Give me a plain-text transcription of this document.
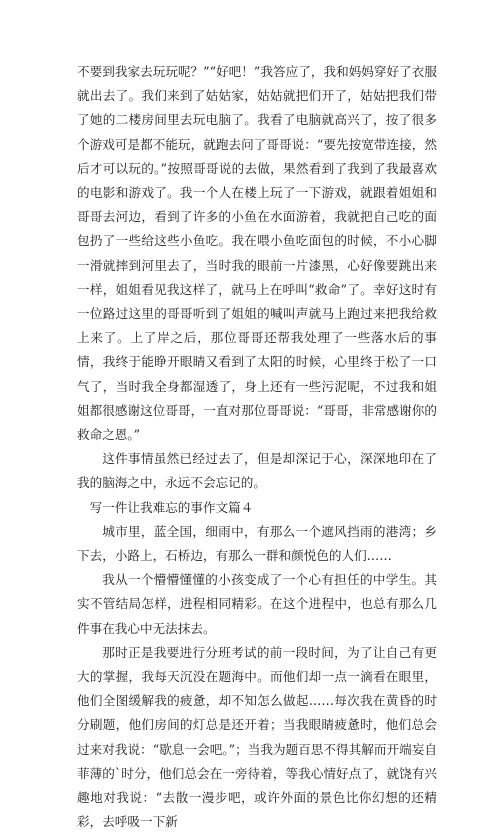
不要到我家去玩玩呢？”“好吧！”我答应了，我和妈妈穿好了衣服就出去了。我们来到了姑姑家，姑姑就把们开了，姑姑把我们带了她的二楼房间里去玩电脑了。我看了电脑就高兴了，按了很多个游戏可是都不能玩，就跑去问了哥哥说：“要先按宽带连接，然后才可以玩的。”按照哥哥说的去做，果然看到了我到了我最喜欢的电影和游戏了。我一个人在楼上玩了一下游戏，就跟着姐姐和哥哥去河边，看到了许多的小鱼在水面游着，我就把自己吃的面包扔了一些给这些小鱼吃。我在喂小鱼吃面包的时候，不小心脚一滑就摔到河里去了，当时我的眼前一片漆黑，心好像要跳出来一样，姐姐看见我这样了，就马上在呼叫“救命”了。幸好这时有一位路过这里的哥哥听到了姐姐的喊叫声就马上跑过来把我给救上来了。上了岸之后，那位哥哥还帮我处理了一些落水后的事情，我终于能睁开眼睛又看到了太阳的时候，心里终于松了一口气了，当时我全身都湿透了，身上还有一些污泥呢，不过我和姐姐都很感谢这位哥哥，一直对那位哥哥说：“哥哥，非常感谢你的救命之恩。”

这件事情虽然已经过去了，但是却深记于心，深深地印在了我的脑海之中，永远不会忘记的。

写一件让我难忘的事作文篇４

城市里，蓝全国，细雨中，有那么一个遮风挡雨的港湾；乡下去，小路上，石桥边，有那么一群和颜悦色的人们……

我从一个懵懵懂懂的小孩变成了一个心有担任的中学生。其实不管结局怎样，进程相同精彩。在这个进程中，也总有那么几件事在我心中无法抹去。

那时正是我要进行分班考试的前一段时间，为了让自己有更大的掌握，我每天沉没在题海中。而他们却一点一滴看在眼里，他们全图缓解我的疲惫，却不知怎么做起……每次我在黄昏的时分刷题，他们房间的灯总是还开着；当我眼睛疲惫时，他们总会过来对我说：“歇息一会吧。”；当我为题百思不得其解而开端妄自菲薄的`时分，他们总会在一旁待着，等我心情好点了，就饶有兴趣地对我说：“去散一漫步吧，或许外面的景色比你幻想的还精彩，去呼吸一下新
